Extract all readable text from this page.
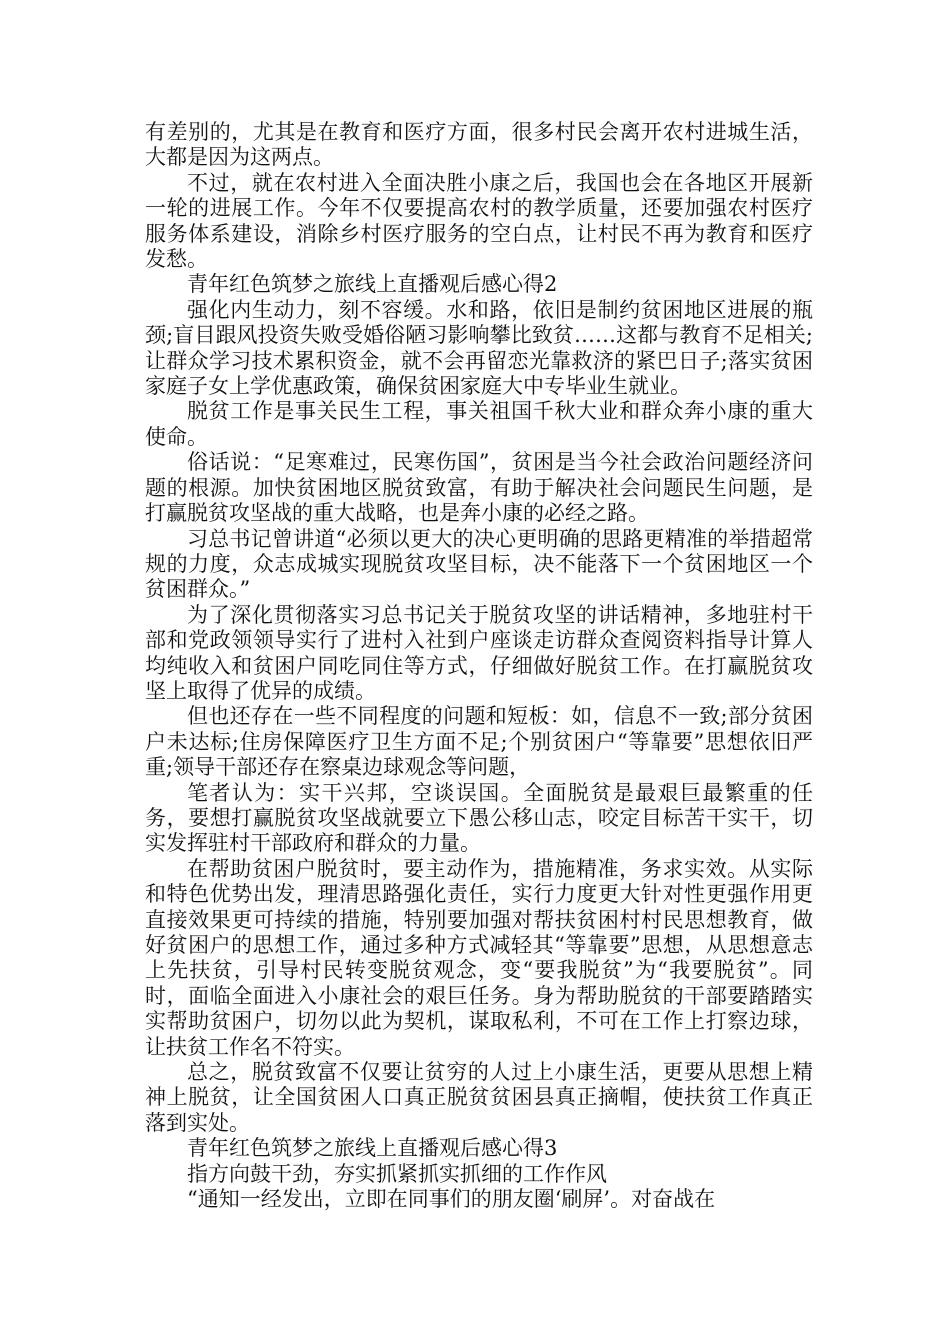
有差别的，尤其是在教育和医疗方面，很多村民会离开农村进城生活，大都是因为这两点。

不过，就在农村进入全面决胜小康之后，我国也会在各地区开展新一轮的进展工作。今年不仅要提高农村的教学质量，还要加强农村医疗服务体系建设，消除乡村医疗服务的空白点，让村民不再为教育和医疗发愁。

青年红色筑梦之旅线上直播观后感心得2

强化内生动力，刻不容缓。水和路，依旧是制约贫困地区进展的瓶颈;盲目跟风投资失败受婚俗陋习影响攀比致贫……这都与教育不足相关;让群众学习技术累积资金，就不会再留恋光靠救济的紧巴日子;落实贫困家庭子女上学优惠政策，确保贫困家庭大中专毕业生就业。

脱贫工作是事关民生工程，事关祖国千秋大业和群众奔小康的重大使命。

俗话说：“足寒难过，民寒伤国”，贫困是当今社会政治问题经济问题的根源。加快贫困地区脱贫致富，有助于解决社会问题民生问题，是打赢脱贫攻坚战的重大战略，也是奔小康的必经之路。

习总书记曾讲道“必须以更大的决心更明确的思路更精准的举措超常规的力度，众志成城实现脱贫攻坚目标，决不能落下一个贫困地区一个贫困群众。”

为了深化贯彻落实习总书记关于脱贫攻坚的讲话精神，多地驻村干部和党政领领导实行了进村入社到户座谈走访群众查阅资料指导计算人均纯收入和贫困户同吃同住等方式，仔细做好脱贫工作。在打赢脱贫攻坚上取得了优异的成绩。

但也还存在一些不同程度的问题和短板：如，信息不一致;部分贫困户未达标;住房保障医疗卫生方面不足;个别贫困户“等靠要”思想依旧严重;领导干部还存在察桌边球观念等问题，

笔者认为：实干兴邦，空谈误国。全面脱贫是最艰巨最繁重的任务，要想打赢脱贫攻坚战就要立下愚公移山志，咬定目标苦干实干，切实发挥驻村干部政府和群众的力量。

在帮助贫困户脱贫时，要主动作为，措施精准，务求实效。从实际和特色优势出发，理清思路强化责任，实行力度更大针对性更强作用更直接效果更可持续的措施，特别要加强对帮扶贫困村村民思想教育，做好贫困户的思想工作，通过多种方式减轻其“等靠要”思想，从思想意志上先扶贫，引导村民转变脱贫观念，变“要我脱贫”为“我要脱贫”。同时，面临全面进入小康社会的艰巨任务。身为帮助脱贫的干部要踏踏实实帮助贫困户，切勿以此为契机，谋取私利，不可在工作上打察边球，让扶贫工作名不符实。

总之，脱贫致富不仅要让贫穷的人过上小康生活，更要从思想上精神上脱贫，让全国贫困人口真正脱贫贫困县真正摘帽，使扶贫工作真正落到实处。

青年红色筑梦之旅线上直播观后感心得3

指方向鼓干劲，夯实抓紧抓实抓细的工作作风

“通知一经发出，立即在同事们的朋友圈‘刷屏’。对奋战在
